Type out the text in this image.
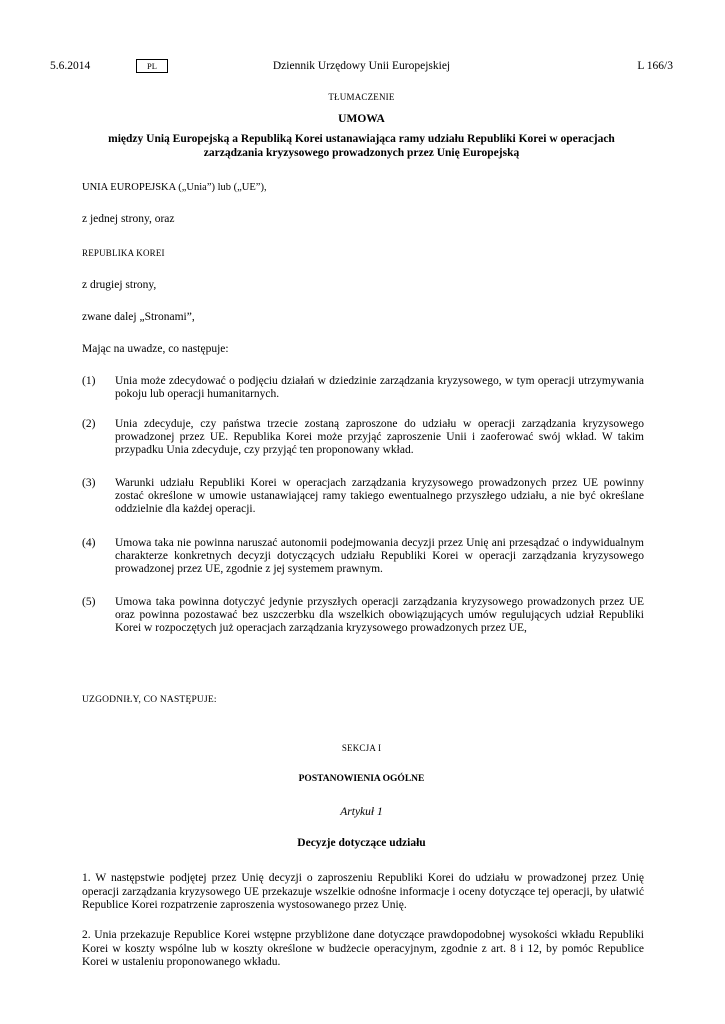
5.6.2014	PL	Dziennik Urzędowy Unii Europejskiej	L 166/3
TŁUMACZENIE
UMOWA
między Unią Europejską a Republiką Korei ustanawiająca ramy udziału Republiki Korei w operacjach zarządzania kryzysowego prowadzonych przez Unię Europejską
UNIA EUROPEJSKA („Unia”) lub („UE”),
z jednej strony, oraz
REPUBLIKA KOREI
z drugiej strony,
zwane dalej „Stronami”,
Mając na uwadze, co następuje:
(1) Unia może zdecydować o podjęciu działań w dziedzinie zarządzania kryzysowego, w tym operacji utrzymywania pokoju lub operacji humanitarnych.
(2) Unia zdecyduje, czy państwa trzecie zostaną zaproszone do udziału w operacji zarządzania kryzysowego prowadzonej przez UE. Republika Korei może przyjąć zaproszenie Unii i zaoferować swój wkład. W takim przypadku Unia zdecyduje, czy przyjąć ten proponowany wkład.
(3) Warunki udziału Republiki Korei w operacjach zarządzania kryzysowego prowadzonych przez UE powinny zostać określone w umowie ustanawiającej ramy takiego ewentualnego przyszłego udziału, a nie być określane oddzielnie dla każdej operacji.
(4) Umowa taka nie powinna naruszać autonomii podejmowania decyzji przez Unię ani przesądzać o indywidualnym charakterze konkretnych decyzji dotyczących udziału Republiki Korei w operacji zarządzania kryzysowego prowadzonej przez UE, zgodnie z jej systemem prawnym.
(5) Umowa taka powinna dotyczyć jedynie przyszłych operacji zarządzania kryzysowego prowadzonych przez UE oraz powinna pozostawać bez uszczerbku dla wszelkich obowiązujących umów regulujących udział Republiki Korei w rozpoczętych już operacjach zarządzania kryzysowego prowadzonych przez UE,
UZGODNIŁY, CO NASTĘPUJE:
SEKCJA I
POSTANOWIENIA OGÓLNE
Artykuł 1
Decyzje dotyczące udziału
1. W następstwie podjętej przez Unię decyzji o zaproszeniu Republiki Korei do udziału w prowadzonej przez Unię operacji zarządzania kryzysowego UE przekazuje wszelkie odnośne informacje i oceny dotyczące tej operacji, by ułatwić Republice Korei rozpatrzenie zaproszenia wystosowanego przez Unię.
2. Unia przekazuje Republice Korei wstępne przybliżone dane dotyczące prawdopodobnej wysokości wkładu Republiki Korei w koszty wspólne lub w koszty określone w budżecie operacyjnym, zgodnie z art. 8 i 12, by pomóc Republice Korei w ustaleniu proponowanego wkładu.
